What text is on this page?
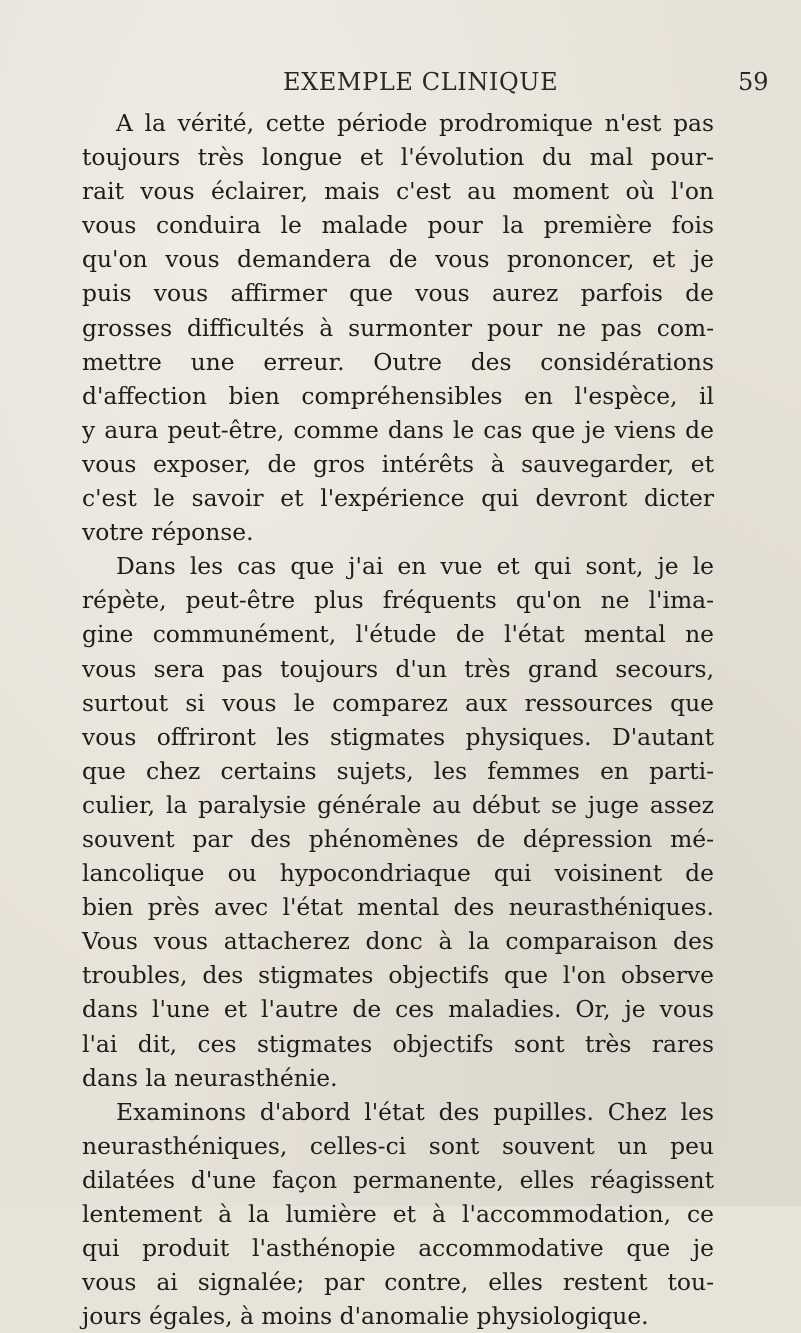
EXEMPLE CLINIQUE	59
A la vérité, cette période prodromique n'est pas
toujours très longue et l'évolution du mal pour-
rait vous éclairer, mais c'est au moment où l'on
vous conduira le malade pour la première fois
qu'on vous demandera de vous prononcer, et je
puis vous affirmer que vous aurez parfois de
grosses difficultés à surmonter pour ne pas com-
mettre une erreur. Outre des considérations
d'affection bien compréhensibles en l'espèce, il
y aura peut-être, comme dans le cas que je viens de
vous exposer, de gros intérêts à sauvegarder, et
c'est le savoir et l'expérience qui devront dicter
votre réponse.
Dans les cas que j'ai en vue et qui sont, je le
répète, peut-être plus fréquents qu'on ne l'ima-
gine communément, l'étude de l'état mental ne
vous sera pas toujours d'un très grand secours,
surtout si vous le comparez aux ressources que
vous offriront les stigmates physiques. D'autant
que chez certains sujets, les femmes en parti-
culier, la paralysie générale au début se juge assez
souvent par des phénomènes de dépression mé-
lancolique ou hypocondriaque qui voisinent de
bien près avec l'état mental des neurasthéniques.
Vous vous attacherez donc à la comparaison des
troubles, des stigmates objectifs que l'on observe
dans l'une et l'autre de ces maladies. Or, je vous
l'ai dit, ces stigmates objectifs sont très rares
dans la neurasthénie.
Examinons d'abord l'état des pupilles. Chez les
neurasthéniques, celles-ci sont souvent un peu
dilatées d'une façon permanente, elles réagissent
lentement à la lumière et à l'accommodation, ce
qui produit l'asthénopie accommodative que je
vous ai signalée; par contre, elles restent tou-
jours égales, à moins d'anomalie physiologique.
